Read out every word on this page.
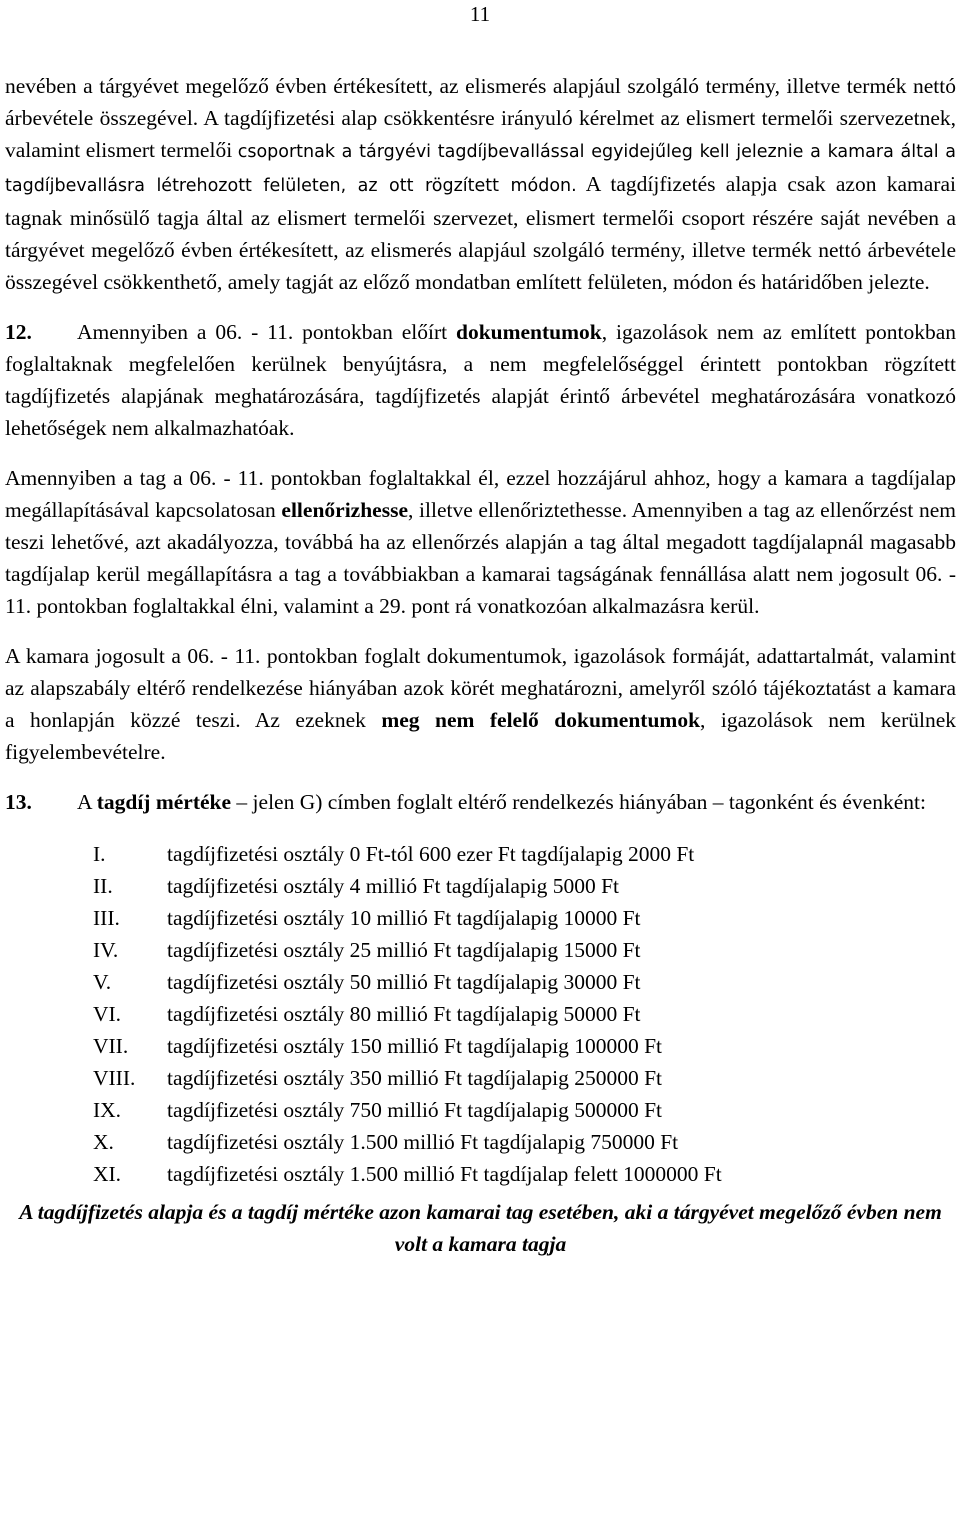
11

nevében a tárgyévet megelőző évben értékesített, az elismerés alapjául szolgáló termény, illetve termék nettó árbevétele összegével. A tagdíjfizetési alap csökkentésre irányuló kérelmet az elismert termelői szervezetnek, valamint elismert termelői csoportnak a tárgyévi tagdíjbevallással egyidejűleg kell jeleznie a kamara által a tagdíjbevallásra létrehozott felületen, az ott rögzített módon. A tagdíjfizetés alapja csak azon kamarai tagnak minősülő tagja által az elismert termelői szervezet, elismert termelői csoport részére saját nevében a tárgyévet megelőző évben értékesített, az elismerés alapjául szolgáló termény, illetve termék nettó árbevétele összegével csökkenthető, amely tagját az előző mondatban említett felületen, módon és határidőben jelezte.

12. Amennyiben a 06. - 11. pontokban előírt dokumentumok, igazolások nem az említett pontokban foglaltaknak megfelelően kerülnek benyújtásra, a nem megfelelőséggel érintett pontokban rögzített tagdíjfizetés alapjának meghatározására, tagdíjfizetés alapját érintő árbevétel meghatározására vonatkozó lehetőségek nem alkalmazhatóak.

Amennyiben a tag a 06. - 11. pontokban foglaltakkal él, ezzel hozzájárul ahhoz, hogy a kamara a tagdíjalap megállapításával kapcsolatosan ellenőrizhesse, illetve ellenőriztethesse. Amennyiben a tag az ellenőrzést nem teszi lehetővé, azt akadályozza, továbbá ha az ellenőrzés alapján a tag által megadott tagdíjalapnál magasabb tagdíjalap kerül megállapításra a tag a továbbiakban a kamarai tagságának fennállása alatt nem jogosult 06. - 11. pontokban foglaltakkal élni, valamint a 29. pont rá vonatkozóan alkalmazásra kerül.

A kamara jogosult a 06. - 11. pontokban foglalt dokumentumok, igazolások formáját, adattartalmát, valamint az alapszabály eltérő rendelkezése hiányában azok körét meghatározni, amelyről szóló tájékoztatást a kamara a honlapján közzé teszi. Az ezeknek meg nem felelő dokumentumok, igazolások nem kerülnek figyelembevételre.

13. A tagdíj mértéke – jelen G) címben foglalt eltérő rendelkezés hiányában – tagonként és évenként:

I.	tagdíjfizetési osztály 0 Ft-tól 600 ezer Ft tagdíjalapig 2000 Ft
II.	tagdíjfizetési osztály 4 millió Ft tagdíjalapig 5000 Ft
III. tagdíjfizetési osztály 10 millió Ft tagdíjalapig 10000 Ft
IV. tagdíjfizetési osztály 25 millió Ft tagdíjalapig 15000 Ft
V.	tagdíjfizetési osztály 50 millió Ft tagdíjalapig 30000 Ft
VI. tagdíjfizetési osztály 80 millió Ft tagdíjalapig 50000 Ft
VII. tagdíjfizetési osztály 150 millió Ft tagdíjalapig 100000 Ft
VIII. tagdíjfizetési osztály 350 millió Ft tagdíjalapig 250000 Ft
IX. tagdíjfizetési osztály 750 millió Ft tagdíjalapig 500000 Ft
X. tagdíjfizetési osztály 1.500 millió Ft tagdíjalapig 750000 Ft
XI. tagdíjfizetési osztály 1.500 millió Ft tagdíjalap felett 1000000 Ft

A tagdíjfizetés alapja és a tagdíj mértéke azon kamarai tag esetében, aki a tárgyévet megelőző évben nem volt a kamara tagja
